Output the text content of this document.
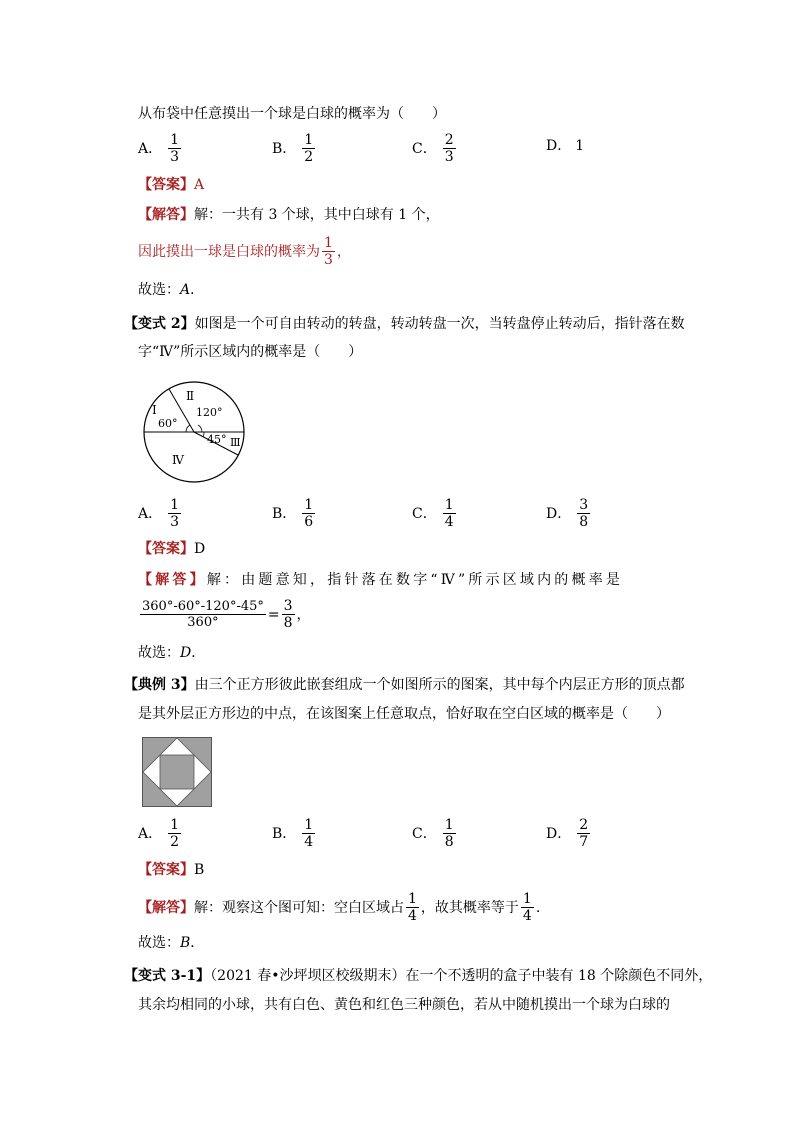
从布袋中任意摸出一个球是白球的概率为（　　）
A． $\frac{1}{3}$	B． $\frac{1}{2}$	C． $\frac{2}{3}$	D． 1
【答案】A
【解答】解：一共有 3 个球，其中白球有 1 个，
因此摸出一球是白球的概率为 $\frac{1}{3}$ ，
故选：A．
【变式 2】如图是一个可自由转动的转盘，转动转盘一次，当转盘停止转动后，指针落在数
字“Ⅳ”所示区域内的概率是（　　）
Ⅰ
Ⅱ
Ⅲ
Ⅳ
60°
120°
45°
A． $\frac{1}{3}$	B． $\frac{1}{6}$	C． $\frac{1}{4}$	D． $\frac{3}{8}$
【答案】D
【解答】解：由题意知，指针落在数字“Ⅳ”所示区域内的概率是
$\frac{360^\circ-60^\circ-120^\circ-45^\circ}{360^\circ} = \frac{3}{8}$ ，
故选：D．
【典例 3】由三个正方形彼此嵌套组成一个如图所示的图案，其中每个内层正方形的顶点都
是其外层正方形边的中点，在该图案上任意取点，恰好取在空白区域的概率是（　　）
A． $\frac{1}{2}$	B． $\frac{1}{4}$	C． $\frac{1}{8}$	D． $\frac{2}{7}$
【答案】B
【解答】 解：观察这个图可知：空白区域占 $\frac{1}{4}$ ，故其概率等于 $\frac{1}{4}$ .
故选：B．
【变式 3-1】（2021 春•沙坪坝区校级期末）在一个不透明的盒子中装有 18 个除颜色不同外，
其余均相同的小球，共有白色、黄色和红色三种颜色，若从中随机摸出一个球为白球的
